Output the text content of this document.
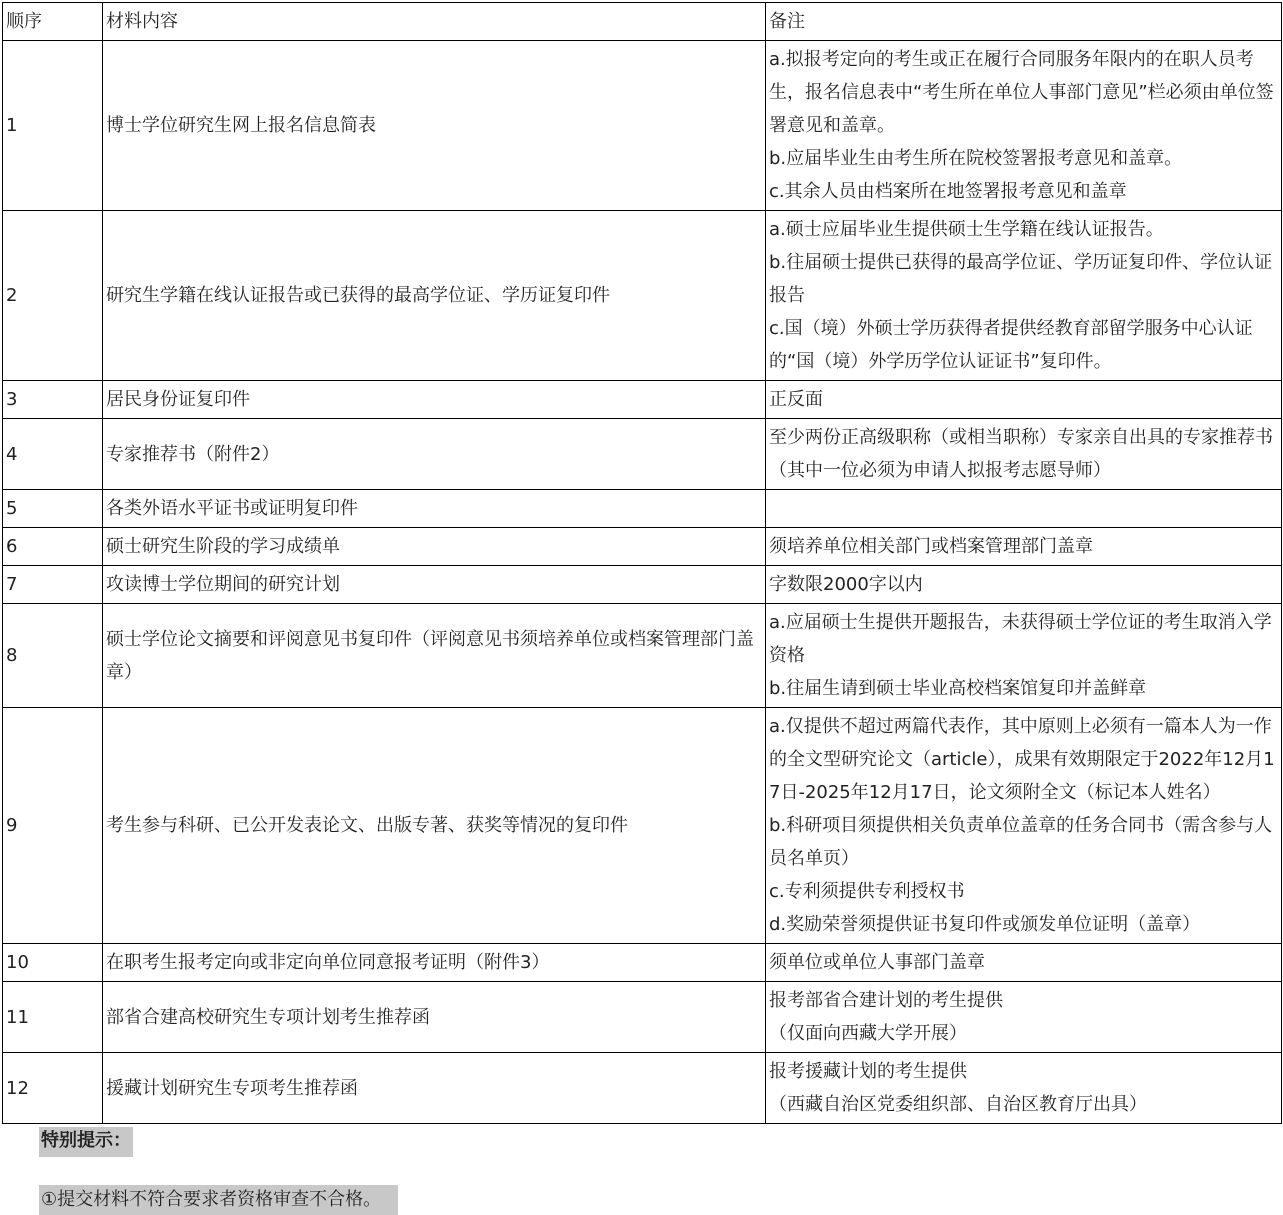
顺序	材料内容	备注
1	博士学位研究生网上报名信息简表	a.拟报考定向的考生或正在履行合同服务年限内的在职人员考生，报名信息表中“考生所在单位人事部门意见”栏必须由单位签署意见和盖章。

b.应届毕业生由考生所在院校签署报考意见和盖章。

c.其余人员由档案所在地签署报考意见和盖章

2	研究生学籍在线认证报告或已获得的最高学位证、学历证复印件	a.硕士应届毕业生提供硕士生学籍在线认证报告。

b.往届硕士提供已获得的最高学位证、学历证复印件、学位认证报告

c.国（境）外硕士学历获得者提供经教育部留学服务中心认证的“国（境）外学历学位认证证书”复印件。

3	居民身份证复印件	正反面

4	专家推荐书（附件2）	至少两份正高级职称（或相当职称）专家亲自出具的专家推荐书（其中一位必须为申请人拟报考志愿导师）

5	各类外语水平证书或证明复印件	
6	硕士研究生阶段的学习成绩单	须培养单位相关部门或档案管理部门盖章

7	攻读博士学位期间的研究计划	字数限2000字以内

8	硕士学位论文摘要和评阅意见书复印件（评阅意见书须培养单位或档案管理部门盖章）	a.应届硕士生提供开题报告，未获得硕士学位证的考生取消入学资格

b.往届生请到硕士毕业高校档案馆复印并盖鲜章

9	考生参与科研、已公开发表论文、出版专著、获奖等情况的复印件	a.仅提供不超过两篇代表作，其中原则上必须有一篇本人为一作的全文型研究论文（article），成果有效期限定于2022年12月17日-2025年12月17日，论文须附全文（标记本人姓名）

b.科研项目须提供相关负责单位盖章的任务合同书（需含参与人员名单页）

c.专利须提供专利授权书

d.奖励荣誉须提供证书复印件或颁发单位证明（盖章）

10	在职考生报考定向或非定向单位同意报考证明（附件3）	须单位或单位人事部门盖章

11	部省合建高校研究生专项计划考生推荐函	报考部省合建计划的考生提供

（仅面向西藏大学开展）

12	援藏计划研究生专项考生推荐函	报考援藏计划的考生提供

（西藏自治区党委组织部、自治区教育厅出具）

特别提示：
①提交材料不符合要求者资格审查不合格。
